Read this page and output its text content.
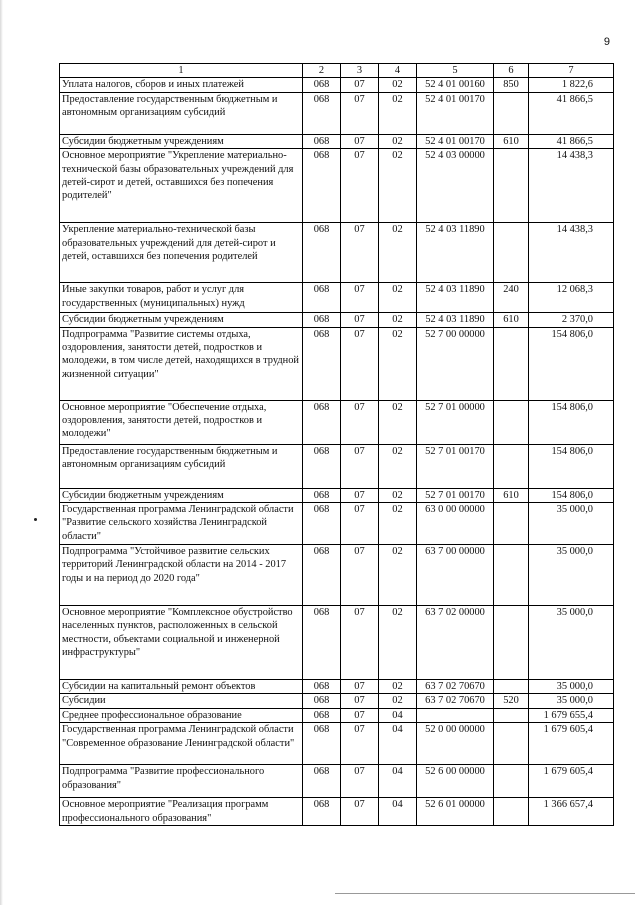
9
1	2	3	4	5	6	7
Уплата налогов, сборов и иных платежей	068	07	02	52 4 01 00160	850	1 822,6
Предоставление государственным бюджетным и автономным организациям субсидий	068	07	02	52 4 01 00170		41 866,5
Субсидии бюджетным учреждениям	068	07	02	52 4 01 00170	610	41 866,5
Основное мероприятие "Укрепление материально-технической базы образовательных учреждений для детей-сирот и детей, оставшихся без попечения родителей"	068	07	02	52 4 03 00000		14 438,3
Укрепление материально-технической базы образовательных учреждений для детей-сирот и детей, оставшихся без попечения родителей	068	07	02	52 4 03 11890		14 438,3
Иные закупки товаров, работ и услуг для государственных (муниципальных) нужд	068	07	02	52 4 03 11890	240	12 068,3
Субсидии бюджетным учреждениям	068	07	02	52 4 03 11890	610	2 370,0
Подпрограмма "Развитие системы отдыха, оздоровления, занятости детей, подростков и молодежи, в том числе детей, находящихся в трудной жизненной ситуации"	068	07	02	52 7 00 00000		154 806,0
Основное мероприятие "Обеспечение отдыха, оздоровления, занятости детей, подростков и молодежи"	068	07	02	52 7 01 00000		154 806,0
Предоставление государственным бюджетным и автономным организациям субсидий	068	07	02	52 7 01 00170		154 806,0
Субсидии бюджетным учреждениям	068	07	02	52 7 01 00170	610	154 806,0
Государственная программа Ленинградской области "Развитие сельского хозяйства Ленинградской области"	068	07	02	63 0 00 00000		35 000,0
Подпрограмма "Устойчивое развитие сельских территорий Ленинградской области на 2014 - 2017 годы и на период до 2020 года"	068	07	02	63 7 00 00000		35 000,0
Основное мероприятие "Комплексное обустройство населенных пунктов, расположенных в сельской местности, объектами социальной и инженерной инфраструктуры"	068	07	02	63 7 02 00000		35 000,0
Субсидии на капитальный ремонт объектов	068	07	02	63 7 02 70670		35 000,0
Субсидии	068	07	02	63 7 02 70670	520	35 000,0
Среднее профессиональное образование	068	07	04			1 679 655,4
Государственная программа Ленинградской области "Современное образование Ленинградской области"	068	07	04	52 0 00 00000		1 679 605,4
Подпрограмма "Развитие профессионального образования"	068	07	04	52 6 00 00000		1 679 605,4
Основное мероприятие "Реализация программ профессионального образования"	068	07	04	52 6 01 00000		1 366 657,4
